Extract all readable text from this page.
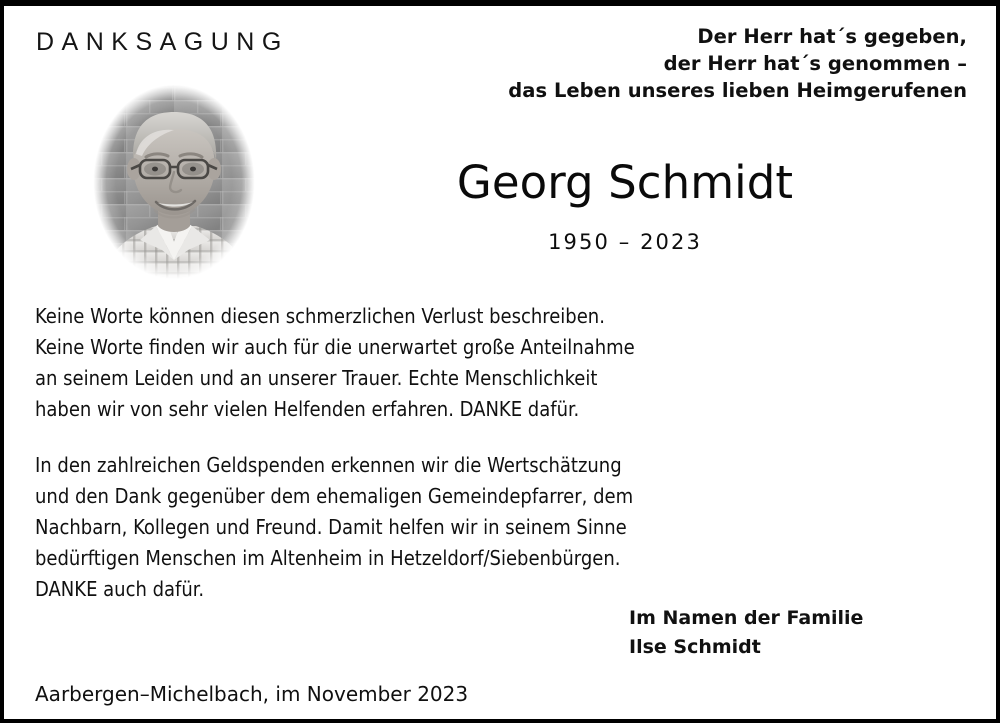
DANKSAGUNG	Der Herr hat´s gegeben,
der Herr hat´s genommen –
das Leben unseres lieben Heimgerufenen
Georg Schmidt
1950 – 2023

Keine Worte können diesen schmerzlichen Verlust beschreiben.
Keine Worte finden wir auch für die unerwartet große Anteilnahme
an seinem Leiden und an unserer Trauer. Echte Menschlichkeit
haben wir von sehr vielen Helfenden erfahren. DANKE dafür.

In den zahlreichen Geldspenden erkennen wir die Wertschätzung
und den Dank gegenüber dem ehemaligen Gemeindepfarrer, dem
Nachbarn, Kollegen und Freund. Damit helfen wir in seinem Sinne
bedürftigen Menschen im Altenheim in Hetzeldorf/Siebenbürgen.
DANKE auch dafür.

Im Namen der Familie
Ilse Schmidt
Aarbergen–Michelbach, im November 2023
